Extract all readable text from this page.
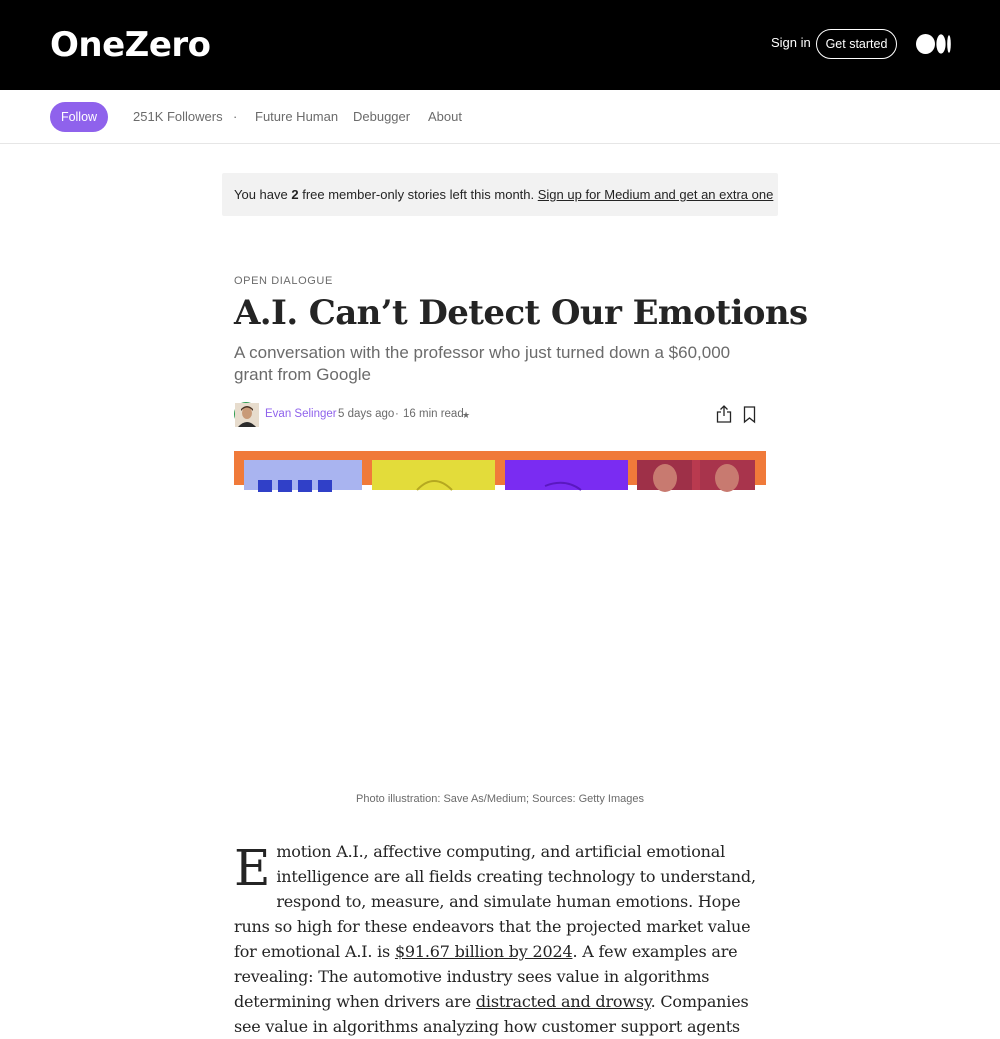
OneZero	Sign in	Get started
Follow	251K Followers · Future Human Debugger About
You have 2 free member-only stories left this month. Sign up for Medium and get an extra one
OPEN DIALOGUE
A.I. Can’t Detect Our Emotions
A conversation with the professor who just turned down a $60,000 grant from Google
Evan Selinger 5 days ago · 16 min read
★
Photo illustration: Save As/Medium; Sources: Getty Images
Emotion A.I., affective computing, and artificial emotional intelligence are all fields creating technology to understand, respond to, measure, and simulate human emotions. Hope runs so high for these endeavors that the projected market value for emotional A.I. is $91.67 billion by 2024. A few examples are revealing: The automotive industry sees value in algorithms determining when drivers are distracted and drowsy. Companies see value in algorithms analyzing how customer support agents
